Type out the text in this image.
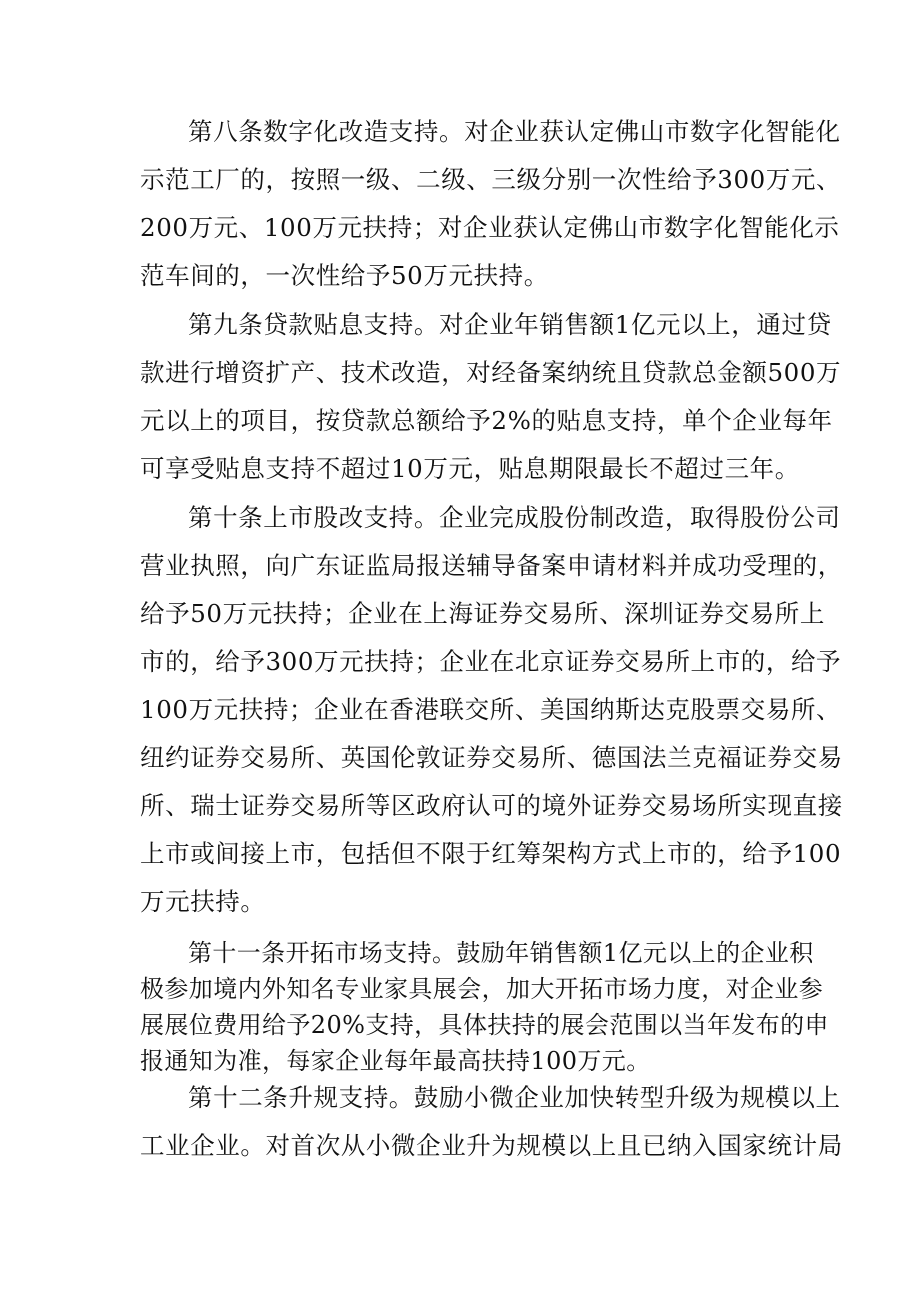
第八条数字化改造支持。对企业获认定佛山市数字化智能化

示范工厂的，按照一级、二级、三级分别一次性给予300万元、

200万元、100万元扶持；对企业获认定佛山市数字化智能化示

范车间的，一次性给予50万元扶持。

第九条贷款贴息支持。对企业年销售额1亿元以上，通过贷

款进行增资扩产、技术改造，对经备案纳统且贷款总金额500万

元以上的项目，按贷款总额给予2%的贴息支持，单个企业每年

可享受贴息支持不超过10万元，贴息期限最长不超过三年。

第十条上市股改支持。企业完成股份制改造，取得股份公司

营业执照，向广东证监局报送辅导备案申请材料并成功受理的，

给予50万元扶持；企业在上海证券交易所、深圳证券交易所上

市的，给予300万元扶持；企业在北京证券交易所上市的，给予

100万元扶持；企业在香港联交所、美国纳斯达克股票交易所、

纽约证券交易所、英国伦敦证券交易所、德国法兰克福证券交易

所、瑞士证券交易所等区政府认可的境外证券交易场所实现直接

上市或间接上市，包括但不限于红筹架构方式上市的，给予100

万元扶持。

第十一条开拓市场支持。鼓励年销售额1亿元以上的企业积

极参加境内外知名专业家具展会，加大开拓市场力度，对企业参

展展位费用给予20%支持，具体扶持的展会范围以当年发布的申

报通知为准，每家企业每年最高扶持100万元。

第十二条升规支持。鼓励小微企业加快转型升级为规模以上

工业企业。对首次从小微企业升为规模以上且已纳入国家统计局
